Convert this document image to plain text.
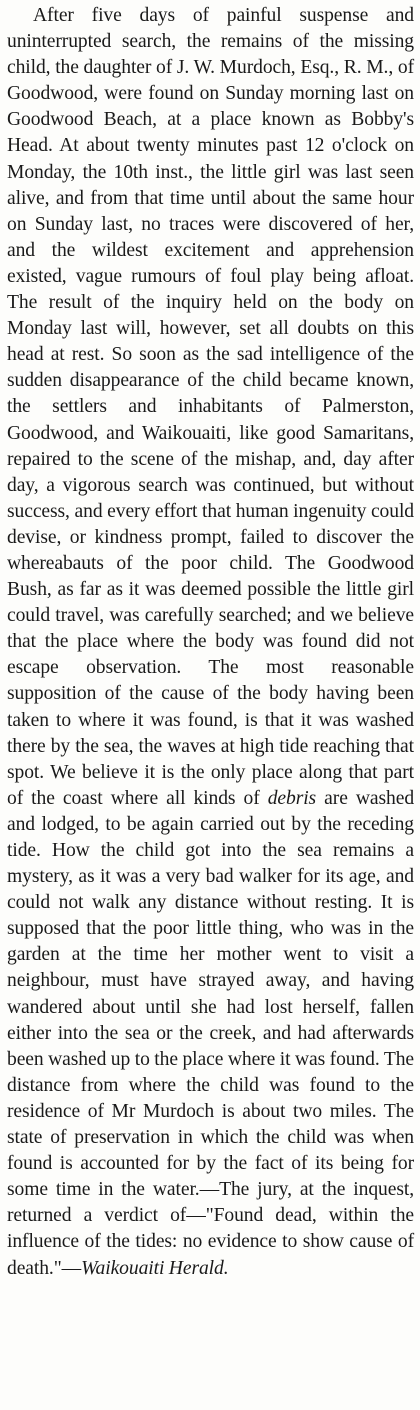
After five days of painful suspense and uninterrupted search, the remains of the missing child, the daughter of J. W. Murdoch, Esq., R. M., of Goodwood, were found on Sunday morning last on Goodwood Beach, at a place known as Bobby's Head. At about twenty minutes past 12 o'clock on Monday, the 10th inst., the little girl was last seen alive, and from that time until about the same hour on Sunday last, no traces were discovered of her, and the wildest excitement and apprehension existed, vague rumours of foul play being afloat. The result of the inquiry held on the body on Monday last will, however, set all doubts on this head at rest. So soon as the sad intelligence of the sudden disappearance of the child became known, the settlers and inhabitants of Palmerston, Goodwood, and Waikouaiti, like good Samaritans, repaired to the scene of the mishap, and, day after day, a vigorous search was continued, but without success, and every effort that human ingenuity could devise, or kindness prompt, failed to discover the whereabauts of the poor child. The Goodwood Bush, as far as it was deemed possible the little girl could travel, was carefully searched; and we believe that the place where the body was found did not escape observation. The most reasonable supposition of the cause of the body having been taken to where it was found, is that it was washed there by the sea, the waves at high tide reaching that spot. We believe it is the only place along that part of the coast where all kinds of debris are washed and lodged, to be again carried out by the receding tide. How the child got into the sea remains a mystery, as it was a very bad walker for its age, and could not walk any distance without resting. It is supposed that the poor little thing, who was in the garden at the time her mother went to visit a neighbour, must have strayed away, and having wandered about until she had lost herself, fallen either into the sea or the creek, and had afterwards been washed up to the place where it was found. The distance from where the child was found to the residence of Mr Murdoch is about two miles. The state of preservation in which the child was when found is accounted for by the fact of its being for some time in the water.—The jury, at the inquest, returned a verdict of—"Found dead, within the influence of the tides: no evidence to show cause of death."—Waikouaiti Herald.
